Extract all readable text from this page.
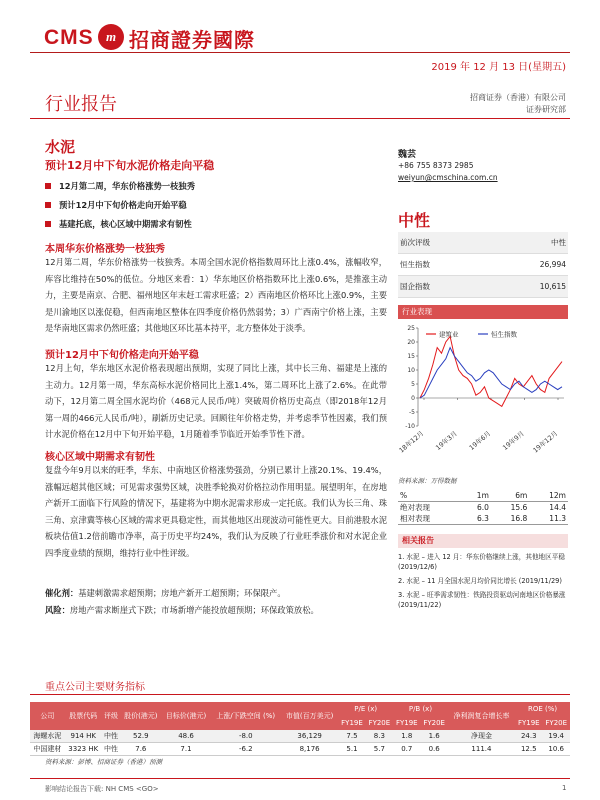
CMS m 招商證券國際
2019 年 12 月 13 日(星期五)
行业报告	招商证券（香港）有限公司
证券研究部
水泥
预计12月中下旬水泥价格走向平稳
12月第二周，华东价格涨势一枝独秀
预计12月中下旬价格走向开始平稳
基建托底，核心区域中期需求有韧性
本周华东价格涨势一枝独秀
12月第二周，华东价格涨势一枝独秀。本周全国水泥价格指数周环比上涨0.4%，涨幅收窄，库容比维持在50%的低位。分地区来看：1）华东地区价格指数环比上涨0.6%，是推涨主动力，主要是南京、合肥、福州地区年末赶工需求旺盛；2）西南地区价格环比上涨0.9%，主要是川渝地区以涨促稳，但西南地区整体在四季度价格仍然弱势；3）广西南宁价格上涨，主要是华南地区需求仍然旺盛；其他地区环比基本持平，北方整体处于淡季。
预计12月中下旬价格走向开始平稳
12月上旬，华东地区水泥价格表现超出预期，实现了同比上涨，其中长三角、福建是上涨的主动力。12月第一周，华东高标水泥价格同比上涨1.4%，第二周环比上涨了2.6%。在此带动下，12月第二周全国水泥均价（468元人民币/吨）突破周价格历史高点（即2018年12月第一周的466元人民币/吨），刷新历史记录。回顾往年价格走势，并考虑季节性因素，我们预计水泥价格在12月中下旬开始平稳，1月随着季节临近开始季节性下滑。
核心区域中期需求有韧性
复盘今年9月以来的旺季，华东、中南地区价格涨势强劲，分别已累计上涨20.1%、19.4%，涨幅远超其他区域；可见需求强势区域，决胜季轮换对价格拉动作用明显。展望明年，在房地产新开工面临下行风险的情况下，基建将为中期水泥需求形成一定托底。我们认为长三角、珠三角、京津冀等核心区域的需求更具稳定性，而其他地区出现波动可能性更大。目前港股水泥板块估值1.2倍前瞻市净率，高于历史平均24%，我们认为反映了行业旺季涨价和对水泥企业四季度业绩的预期，维持行业中性评级。
催化剂：基建刺激需求超预期；房地产新开工超预期；环保限产。
风险：房地产需求断崖式下跌；市场新增产能投放超预期；环保政策放松。
魏芸
+86 755 8373 2985
weiyun@cmschina.com.cn
中性
前次评级	中性
恒生指数	26,994
国企指数	10,615
行业表现
-10
-5
0
5
10
15
20
25
18年12月 19年3月 19年6月 19年9月 19年12月
建筑业	恒生指数
资料来源：万得数据
%	1m	6m	12m
绝对表现	6.0	15.6	14.4
相对表现	6.3	16.8	11.3
相关报告
1. 水泥 – 进入 12 月：华东价格继续上涨，其他地区平稳(2019/12/6)
2. 水泥 – 11 月全国水泥月均价同比增长 (2019/11/29)
3. 水泥 – 旺季需求韧性：铁路投资驱动河南地区价格暴涨 (2019/11/22)
重点公司主要财务指标
公司	股票代码	评级	股价(港元)	目标价(港元)	上涨/下跌空间 (%)	市值(百万美元)	P/E (x)		P/B (x)		净利润复合增长率	ROE (%)	
							FY19E	FY20E	FY19E	FY20E		FY19E	FY20E
海螺水泥	914 HK	中性	52.9	48.6	-8.0	36,129	7.5	8.3	1.8	1.6	净现金	24.3	19.4
中国建材	3323 HK	中性	7.6	7.1	-6.2	8,176	5.1	5.7	0.7	0.6	111.4	12.5	10.6
资料来源：彭博、招商证券（香港）预测
影响结论报告下载: NH CMS <GO>	1
